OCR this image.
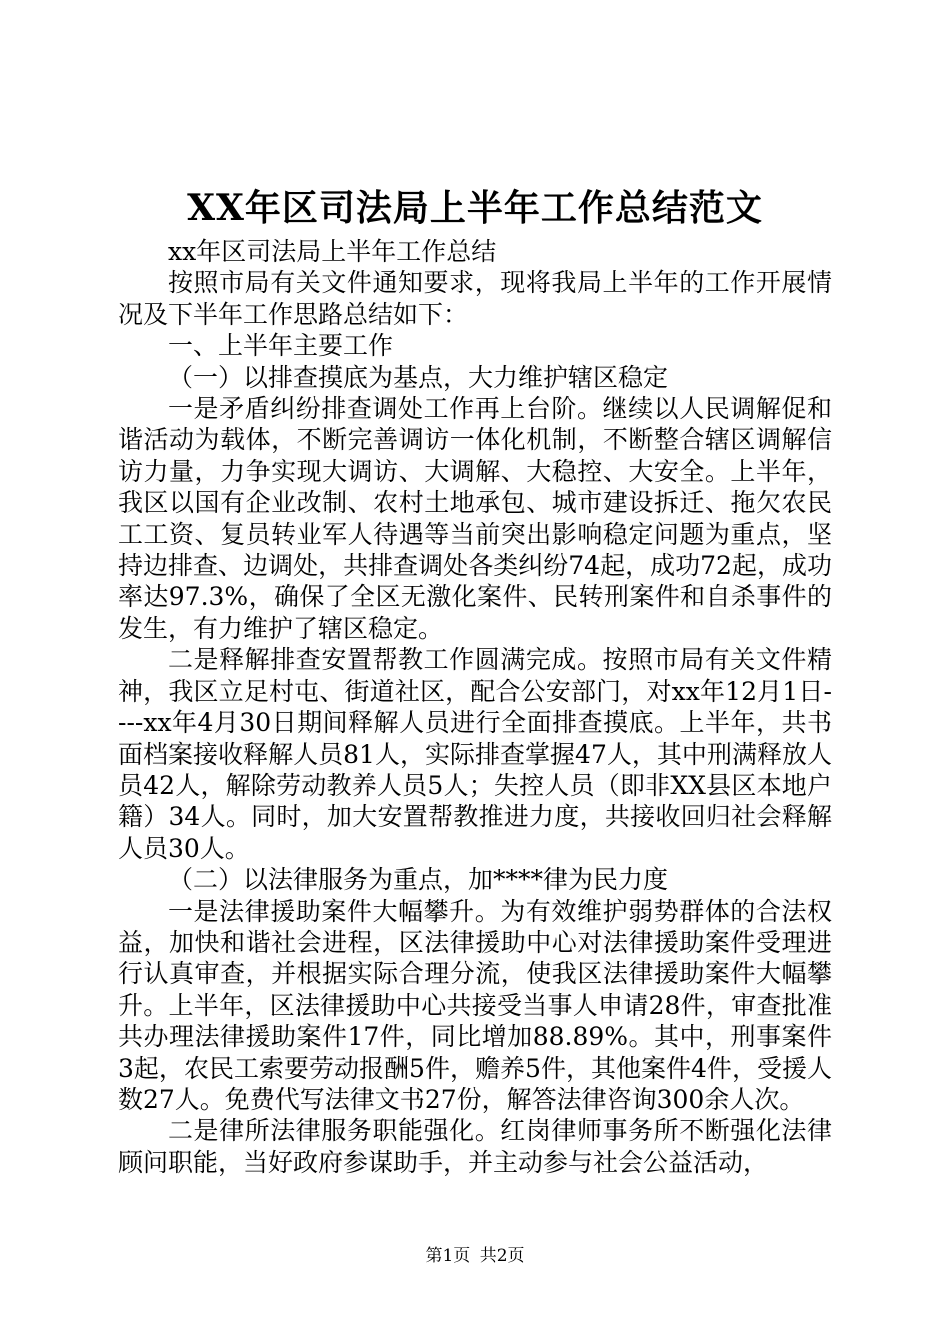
XX年区司法局上半年工作总结范文

xx年区司法局上半年工作总结

按照市局有关文件通知要求，现将我局上半年的工作开展情况及下半年工作思路总结如下：

一、上半年主要工作

（一）以排查摸底为基点，大力维护辖区稳定

一是矛盾纠纷排查调处工作再上台阶。继续以人民调解促和谐活动为载体，不断完善调访一体化机制，不断整合辖区调解信访力量，力争实现大调访、大调解、大稳控、大安全。上半年，我区以国有企业改制、农村土地承包、城市建设拆迁、拖欠农民工工资、复员转业军人待遇等当前突出影响稳定问题为重点，坚持边排查、边调处，共排查调处各类纠纷74起，成功72起，成功率达97.3%，确保了全区无激化案件、民转刑案件和自杀事件的发生，有力维护了辖区稳定。

二是释解排查安置帮教工作圆满完成。按照市局有关文件精神，我区立足村屯、街道社区，配合公安部门，对xx年12月1日----xx年4月30日期间释解人员进行全面排查摸底。上半年，共书面档案接收释解人员81人，实际排查掌握47人，其中刑满释放人员42人，解除劳动教养人员5人；失控人员（即非XX县区本地户籍）34人。同时，加大安置帮教推进力度，共接收回归社会释解人员30人。

（二）以法律服务为重点，加****律为民力度

一是法律援助案件大幅攀升。为有效维护弱势群体的合法权益，加快和谐社会进程，区法律援助中心对法律援助案件受理进行认真审查，并根据实际合理分流，使我区法律援助案件大幅攀升。上半年，区法律援助中心共接受当事人申请28件，审查批准共办理法律援助案件17件，同比增加88.89%。其中，刑事案件3起，农民工索要劳动报酬5件，赡养5件，其他案件4件，受援人数27人。免费代写法律文书27份，解答法律咨询300余人次。

二是律所法律服务职能强化。红岗律师事务所不断强化法律顾问职能，当好政府参谋助手，并主动参与社会公益活动，

第1页 共2页
